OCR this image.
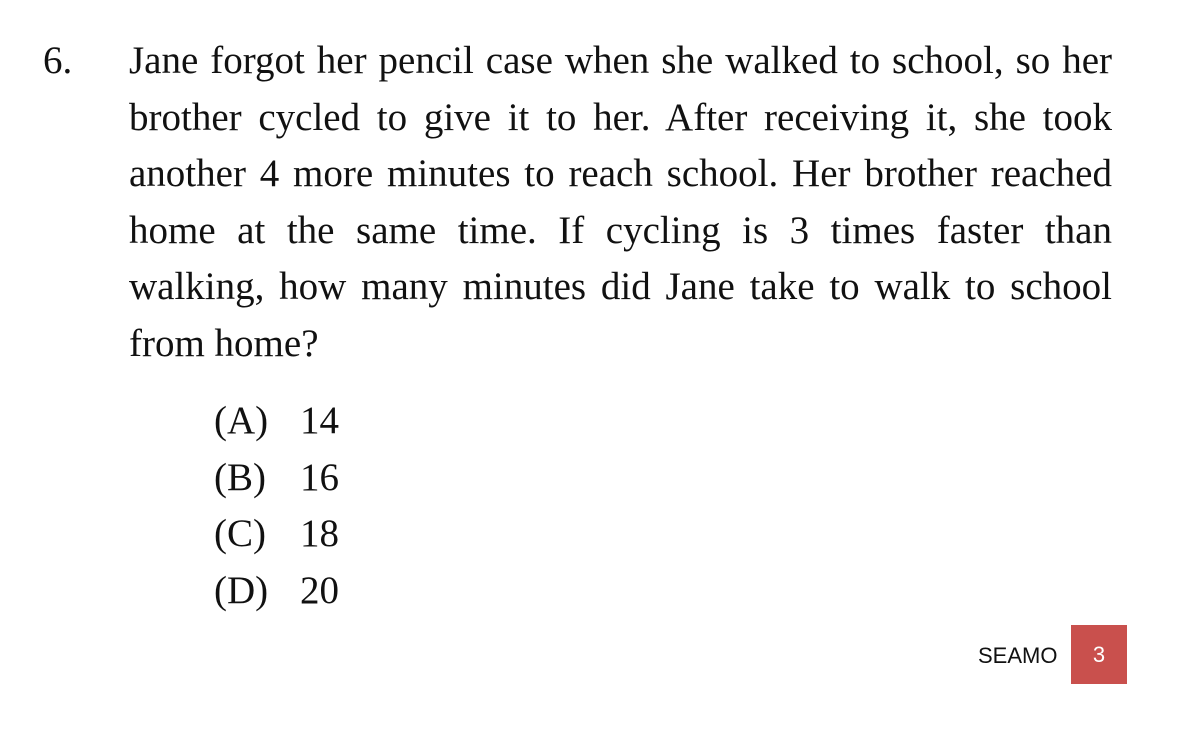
6. Jane forgot her pencil case when she walked to school, so her brother cycled to give it to her. After receiving it, she took another 4 more minutes to reach school. Her brother reached home at the same time. If cycling is 3 times faster than walking, how many minutes did Jane take to walk to school from home?
(A) 14
(B) 16
(C) 18
(D) 20
SEAMO	3
